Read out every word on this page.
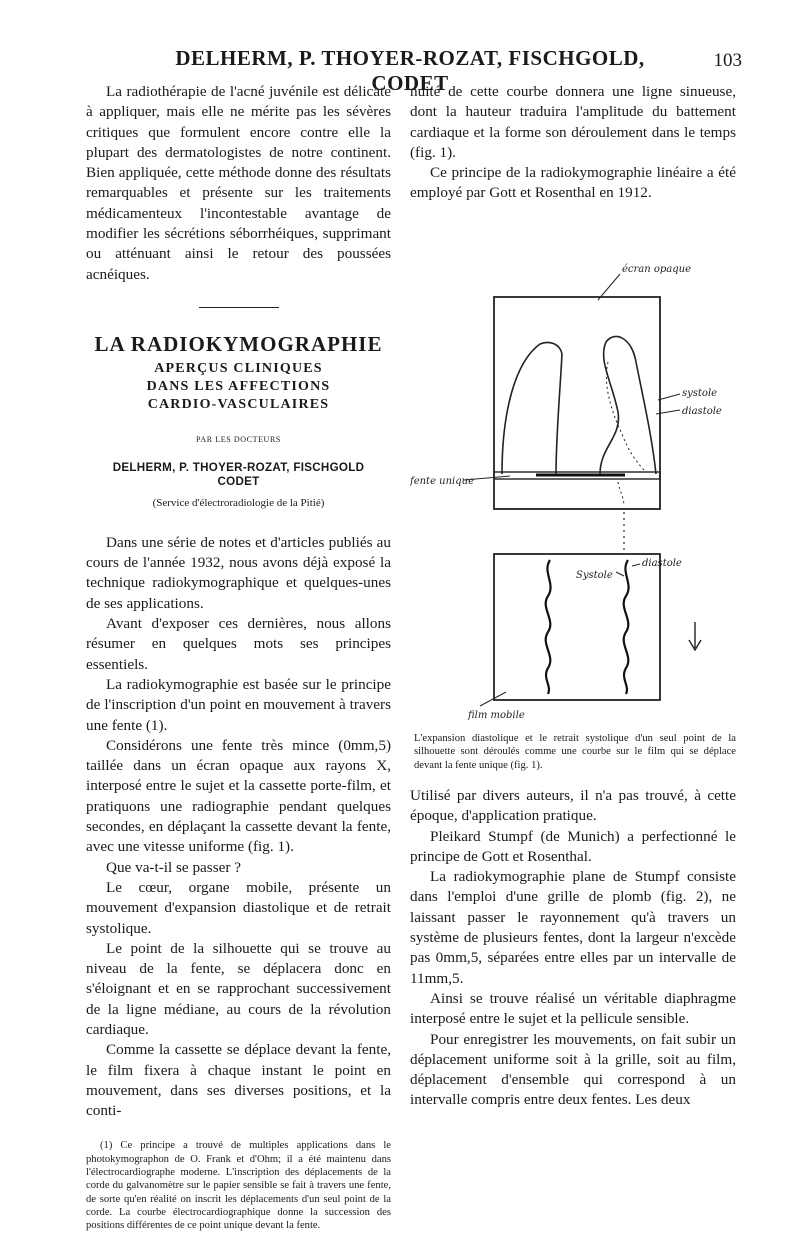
DELHERM, P. THOYER-ROZAT, FISCHGOLD, CODET
103

La radiothérapie de l'acné juvénile est délicate à appliquer, mais elle ne mérite pas les sévères critiques que formulent encore contre elle la plupart des dermatologistes de notre continent. Bien appliquée, cette méthode donne des résultats remarquables et présente sur les traitements médicamenteux l'incontestable avantage de modifier les sécrétions séborrhéiques, supprimant ou atténuant ainsi le retour des poussées acnéiques.

LA RADIOKYMOGRAPHIE
APERÇUS CLINIQUES
DANS LES AFFECTIONS
CARDIO-VASCULAIRES
PAR LES DOCTEURS
DELHERM, P. THOYER-ROZAT, FISCHGOLD
CODET
(Service d'électroradiologie de la Pitié)

Dans une série de notes et d'articles publiés au cours de l'année 1932, nous avons déjà exposé la technique radiokymographique et quelques-unes de ses applications.

Avant d'exposer ces dernières, nous allons résumer en quelques mots ses principes essentiels.

La radiokymographie est basée sur le principe de l'inscription d'un point en mouvement à travers une fente (1).

Considérons une fente très mince (0mm,5) taillée dans un écran opaque aux rayons X, interposé entre le sujet et la cassette porte-film, et pratiquons une radiographie pendant quelques secondes, en déplaçant la cassette devant la fente, avec une vitesse uniforme (fig. 1).

Que va-t-il se passer ?

Le cœur, organe mobile, présente un mouvement d'expansion diastolique et de retrait systolique.

Le point de la silhouette qui se trouve au niveau de la fente, se déplacera donc en s'éloignant et en se rapprochant successivement de la ligne médiane, au cours de la révolution cardiaque.

Comme la cassette se déplace devant la fente, le film fixera à chaque instant le point en mouvement, dans ses diverses positions, et la conti-

(1) Ce principe a trouvé de multiples applications dans le photokymographon de O. Frank et d'Ohm; il a été maintenu dans l'électrocardiographe moderne. L'inscription des déplacements de la corde du galvanomètre sur le papier sensible se fait à travers une fente, de sorte qu'en réalité on inscrit les déplacements d'un seul point de la corde. La courbe électrocardiographique donne la succession des positions différentes de ce point unique devant la fente.

nuité de cette courbe donnera une ligne sinueuse, dont la hauteur traduira l'amplitude du battement cardiaque et la forme son déroulement dans le temps (fig. 1).

Ce principe de la radiokymographie linéaire a été employé par Gott et Rosenthal en 1912.

écran opaque
systole
diastole
fente unique
diastole
Systole
film mobile

L'expansion diastolique et le retrait systolique d'un seul point de la silhouette sont déroulés comme une courbe sur le film qui se déplace devant la fente unique (fig. 1).

Utilisé par divers auteurs, il n'a pas trouvé, à cette époque, d'application pratique.

Pleikard Stumpf (de Munich) a perfectionné le principe de Gott et Rosenthal.

La radiokymographie plane de Stumpf consiste dans l'emploi d'une grille de plomb (fig. 2), ne laissant passer le rayonnement qu'à travers un système de plusieurs fentes, dont la largeur n'excède pas 0mm,5, séparées entre elles par un intervalle de 11mm,5.

Ainsi se trouve réalisé un véritable diaphragme interposé entre le sujet et la pellicule sensible.

Pour enregistrer les mouvements, on fait subir un déplacement uniforme soit à la grille, soit au film, déplacement d'ensemble qui correspond à un intervalle compris entre deux fentes. Les deux
